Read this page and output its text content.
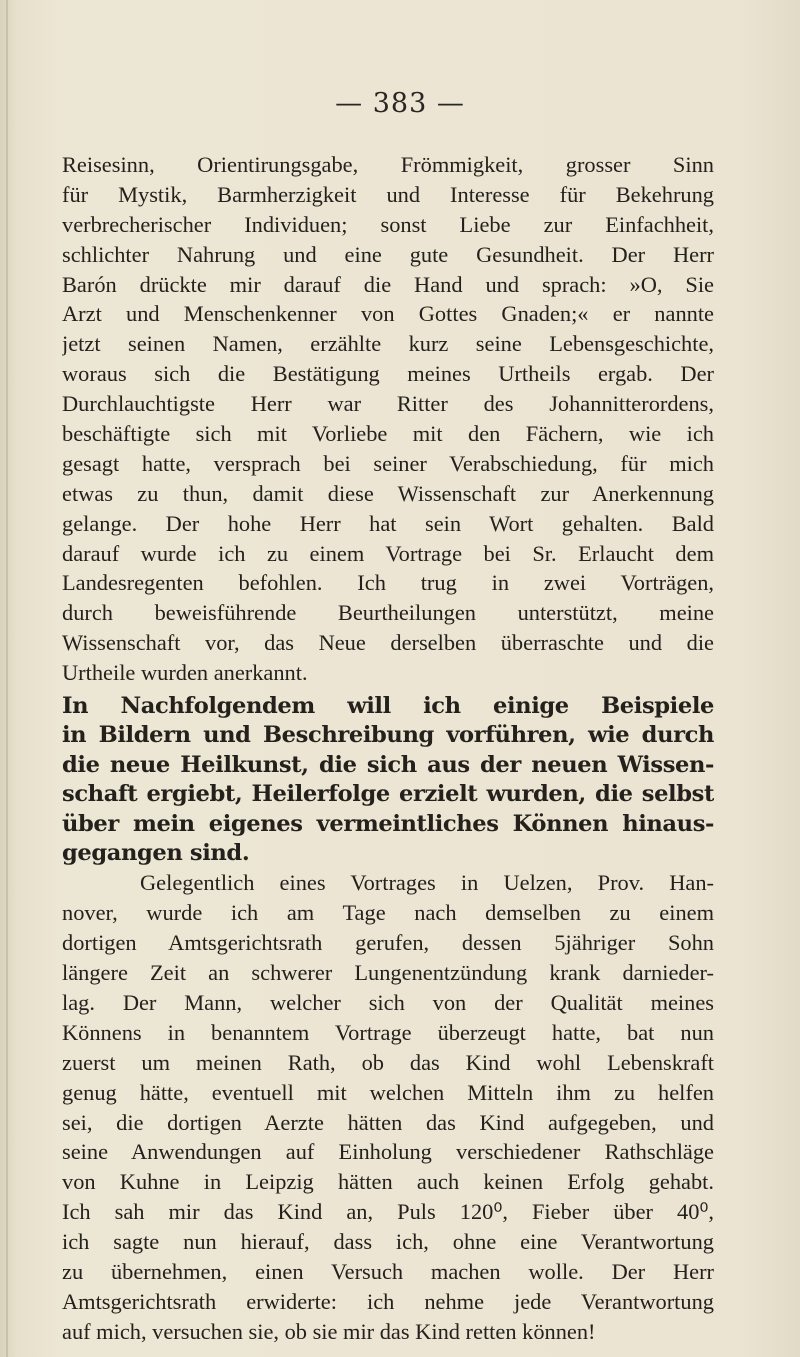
— 383 —
Reisesinn, Orientirungsgabe, Frömmigkeit, grosser Sinn
für Mystik, Barmherzigkeit und Interesse für Bekehrung
verbrecherischer Individuen; sonst Liebe zur Einfachheit,
schlichter Nahrung und eine gute Gesundheit. Der Herr
Barón drückte mir darauf die Hand und sprach: »O, Sie
Arzt und Menschenkenner von Gottes Gnaden;« er nannte
jetzt seinen Namen, erzählte kurz seine Lebensgeschichte,
woraus sich die Bestätigung meines Urtheils ergab. Der
Durchlauchtigste Herr war Ritter des Johannitterordens,
beschäftigte sich mit Vorliebe mit den Fächern, wie ich
gesagt hatte, versprach bei seiner Verabschiedung, für mich
etwas zu thun, damit diese Wissenschaft zur Anerkennung
gelange. Der hohe Herr hat sein Wort gehalten. Bald
darauf wurde ich zu einem Vortrage bei Sr. Erlaucht dem
Landesregenten befohlen. Ich trug in zwei Vorträgen,
durch beweisführende Beurtheilungen unterstützt, meine
Wissenschaft vor, das Neue derselben überraschte und die
Urtheile wurden anerkannt.
In Nachfolgendem will ich einige Beispiele
in Bildern und Beschreibung vorführen, wie durch
die neue Heilkunst, die sich aus der neuen Wissen-
schaft ergiebt, Heilerfolge erzielt wurden, die selbst
über mein eigenes vermeintliches Können hinaus-
gegangen sind.
Gelegentlich eines Vortrages in Uelzen, Prov. Han-
nover, wurde ich am Tage nach demselben zu einem
dortigen Amtsgerichtsrath gerufen, dessen 5jähriger Sohn
längere Zeit an schwerer Lungenentzündung krank darnieder-
lag. Der Mann, welcher sich von der Qualität meines
Könnens in benanntem Vortrage überzeugt hatte, bat nun
zuerst um meinen Rath, ob das Kind wohl Lebenskraft
genug hätte, eventuell mit welchen Mitteln ihm zu helfen
sei, die dortigen Aerzte hätten das Kind aufgegeben, und
seine Anwendungen auf Einholung verschiedener Rathschläge
von Kuhne in Leipzig hätten auch keinen Erfolg gehabt.
Ich sah mir das Kind an, Puls 120⁰, Fieber über 40⁰,
ich sagte nun hierauf, dass ich, ohne eine Verantwortung
zu übernehmen, einen Versuch machen wolle. Der Herr
Amtsgerichtsrath erwiderte: ich nehme jede Verantwortung
auf mich, versuchen sie, ob sie mir das Kind retten können!
